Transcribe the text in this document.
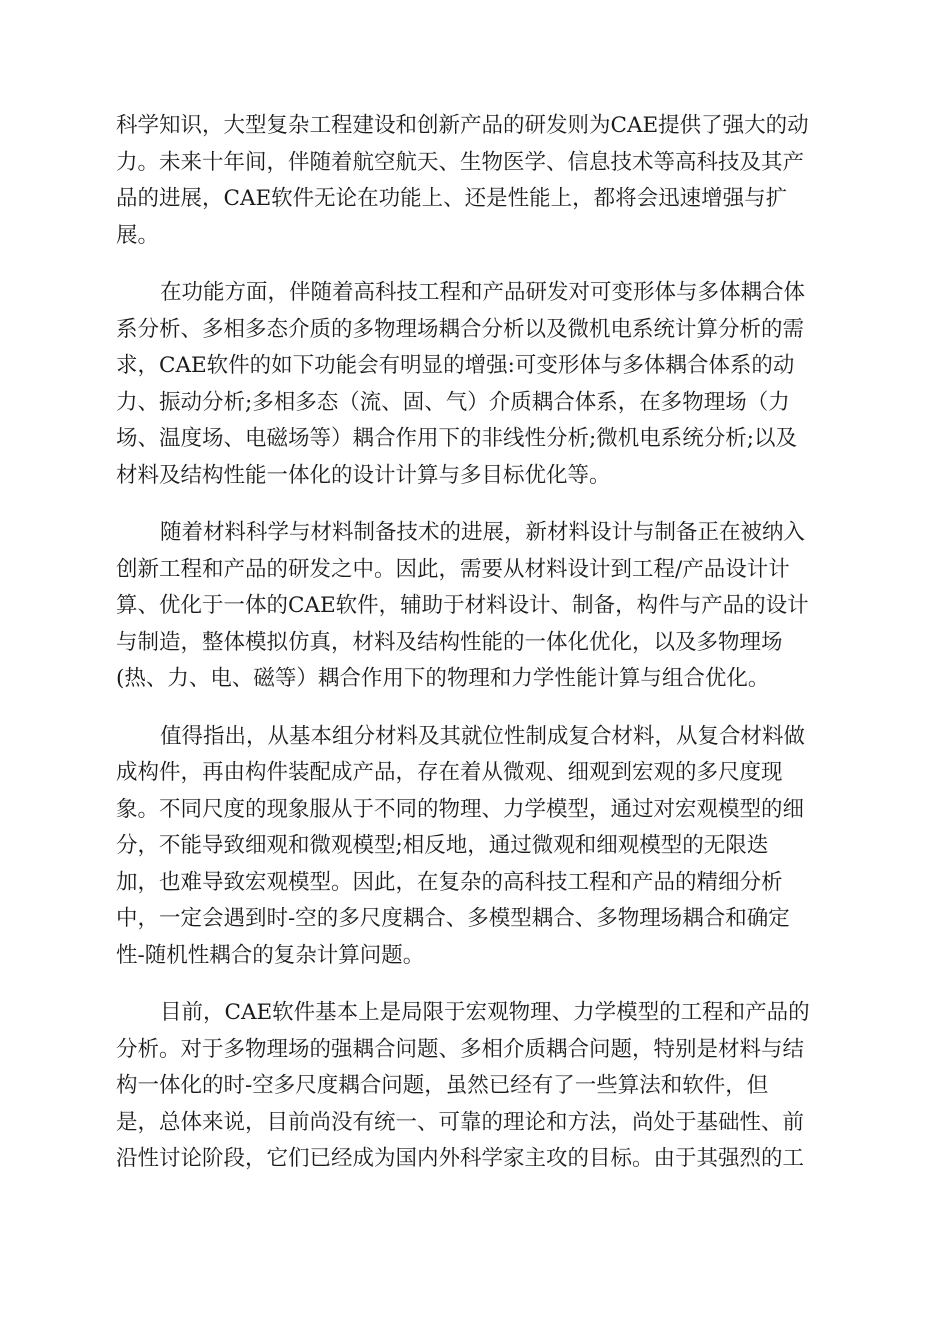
科学知识，大型复杂工程建设和创新产品的研发则为CAE提供了强大的动
力。未来十年间，伴随着航空航天、生物医学、信息技术等高科技及其产
品的进展，CAE软件无论在功能上、还是性能上，都将会迅速增强与扩
展。

在功能方面，伴随着高科技工程和产品研发对可变形体与多体耦合体
系分析、多相多态介质的多物理场耦合分析以及微机电系统计算分析的需
求，CAE软件的如下功能会有明显的增强:可变形体与多体耦合体系的动
力、振动分析;多相多态（流、固、气）介质耦合体系，在多物理场（力
场、温度场、电磁场等）耦合作用下的非线性分析;微机电系统分析;以及
材料及结构性能一体化的设计计算与多目标优化等。

随着材料科学与材料制备技术的进展，新材料设计与制备正在被纳入
创新工程和产品的研发之中。因此，需要从材料设计到工程/产品设计计
算、优化于一体的CAE软件，辅助于材料设计、制备，构件与产品的设计
与制造，整体模拟仿真，材料及结构性能的一体化优化，以及多物理场
(热、力、电、磁等）耦合作用下的物理和力学性能计算与组合优化。

值得指出，从基本组分材料及其就位性制成复合材料，从复合材料做
成构件，再由构件装配成产品，存在着从微观、细观到宏观的多尺度现
象。不同尺度的现象服从于不同的物理、力学模型，通过对宏观模型的细
分，不能导致细观和微观模型;相反地，通过微观和细观模型的无限迭
加，也难导致宏观模型。因此，在复杂的高科技工程和产品的精细分析
中，一定会遇到时-空的多尺度耦合、多模型耦合、多物理场耦合和确定
性-随机性耦合的复杂计算问题。

目前，CAE软件基本上是局限于宏观物理、力学模型的工程和产品的
分析。对于多物理场的强耦合问题、多相介质耦合问题，特别是材料与结
构一体化的时-空多尺度耦合问题，虽然已经有了一些算法和软件，但
是，总体来说，目前尚没有统一、可靠的理论和方法，尚处于基础性、前
沿性讨论阶段，它们已经成为国内外科学家主攻的目标。由于其强烈的工
